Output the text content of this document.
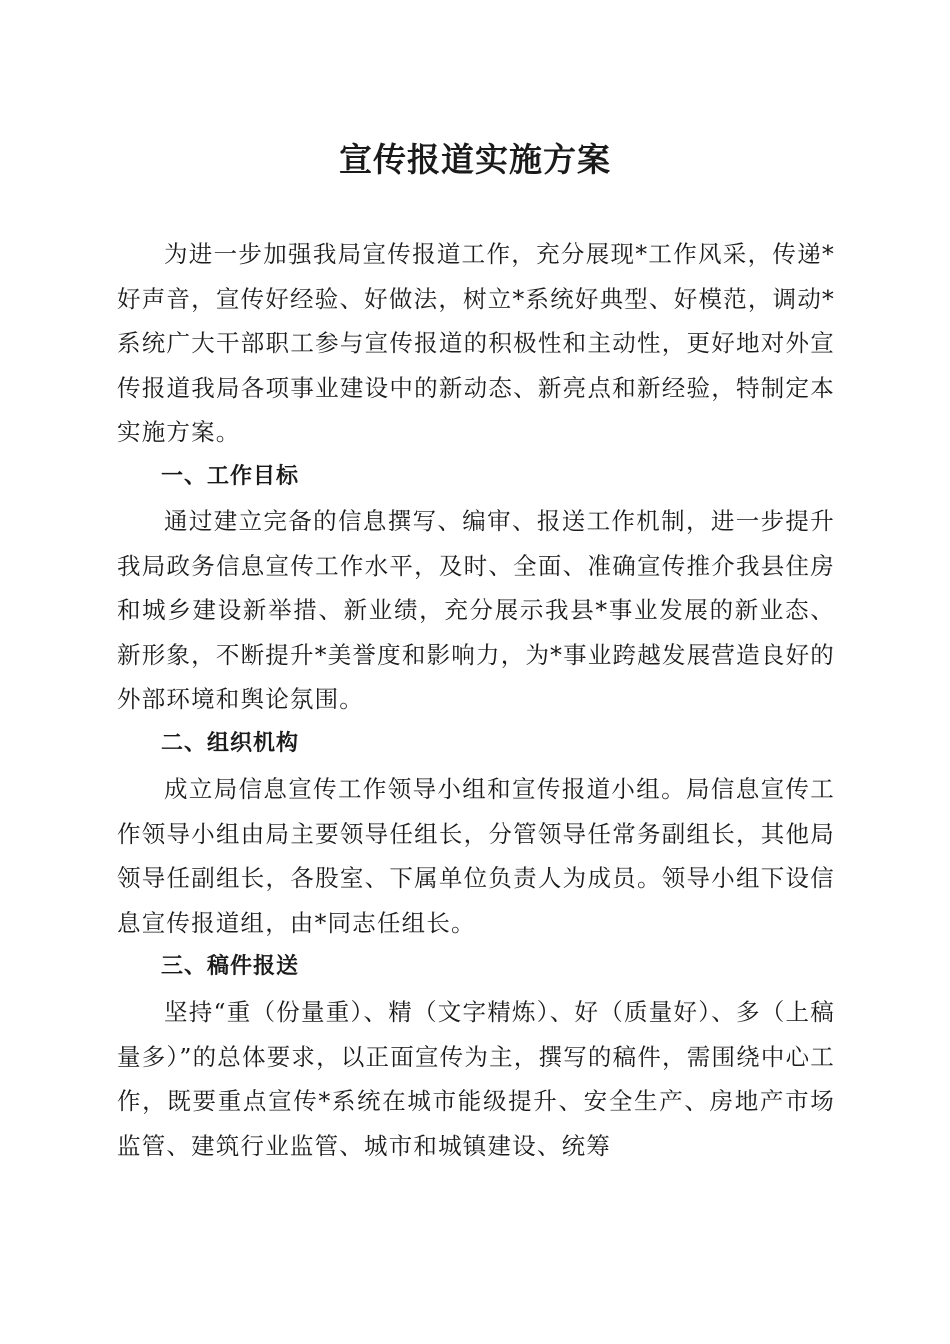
宣传报道实施方案

为进一步加强我局宣传报道工作，充分展现*工作风采，传递*好声音，宣传好经验、好做法，树立*系统好典型、好模范，调动*系统广大干部职工参与宣传报道的积极性和主动性，更好地对外宣传报道我局各项事业建设中的新动态、新亮点和新经验，特制定本实施方案。

一、工作目标

通过建立完备的信息撰写、编审、报送工作机制，进一步提升我局政务信息宣传工作水平，及时、全面、准确宣传推介我县住房和城乡建设新举措、新业绩，充分展示我县*事业发展的新业态、新形象，不断提升*美誉度和影响力，为*事业跨越发展营造良好的外部环境和舆论氛围。

二、组织机构

成立局信息宣传工作领导小组和宣传报道小组。局信息宣传工作领导小组由局主要领导任组长，分管领导任常务副组长，其他局领导任副组长，各股室、下属单位负责人为成员。领导小组下设信息宣传报道组，由*同志任组长。

三、稿件报送

坚持“重（份量重）、精（文字精炼）、好（质量好）、多（上稿量多）”的总体要求，以正面宣传为主，撰写的稿件，需围绕中心工作，既要重点宣传*系统在城市能级提升、安全生产、房地产市场监管、建筑行业监管、城市和城镇建设、统筹
